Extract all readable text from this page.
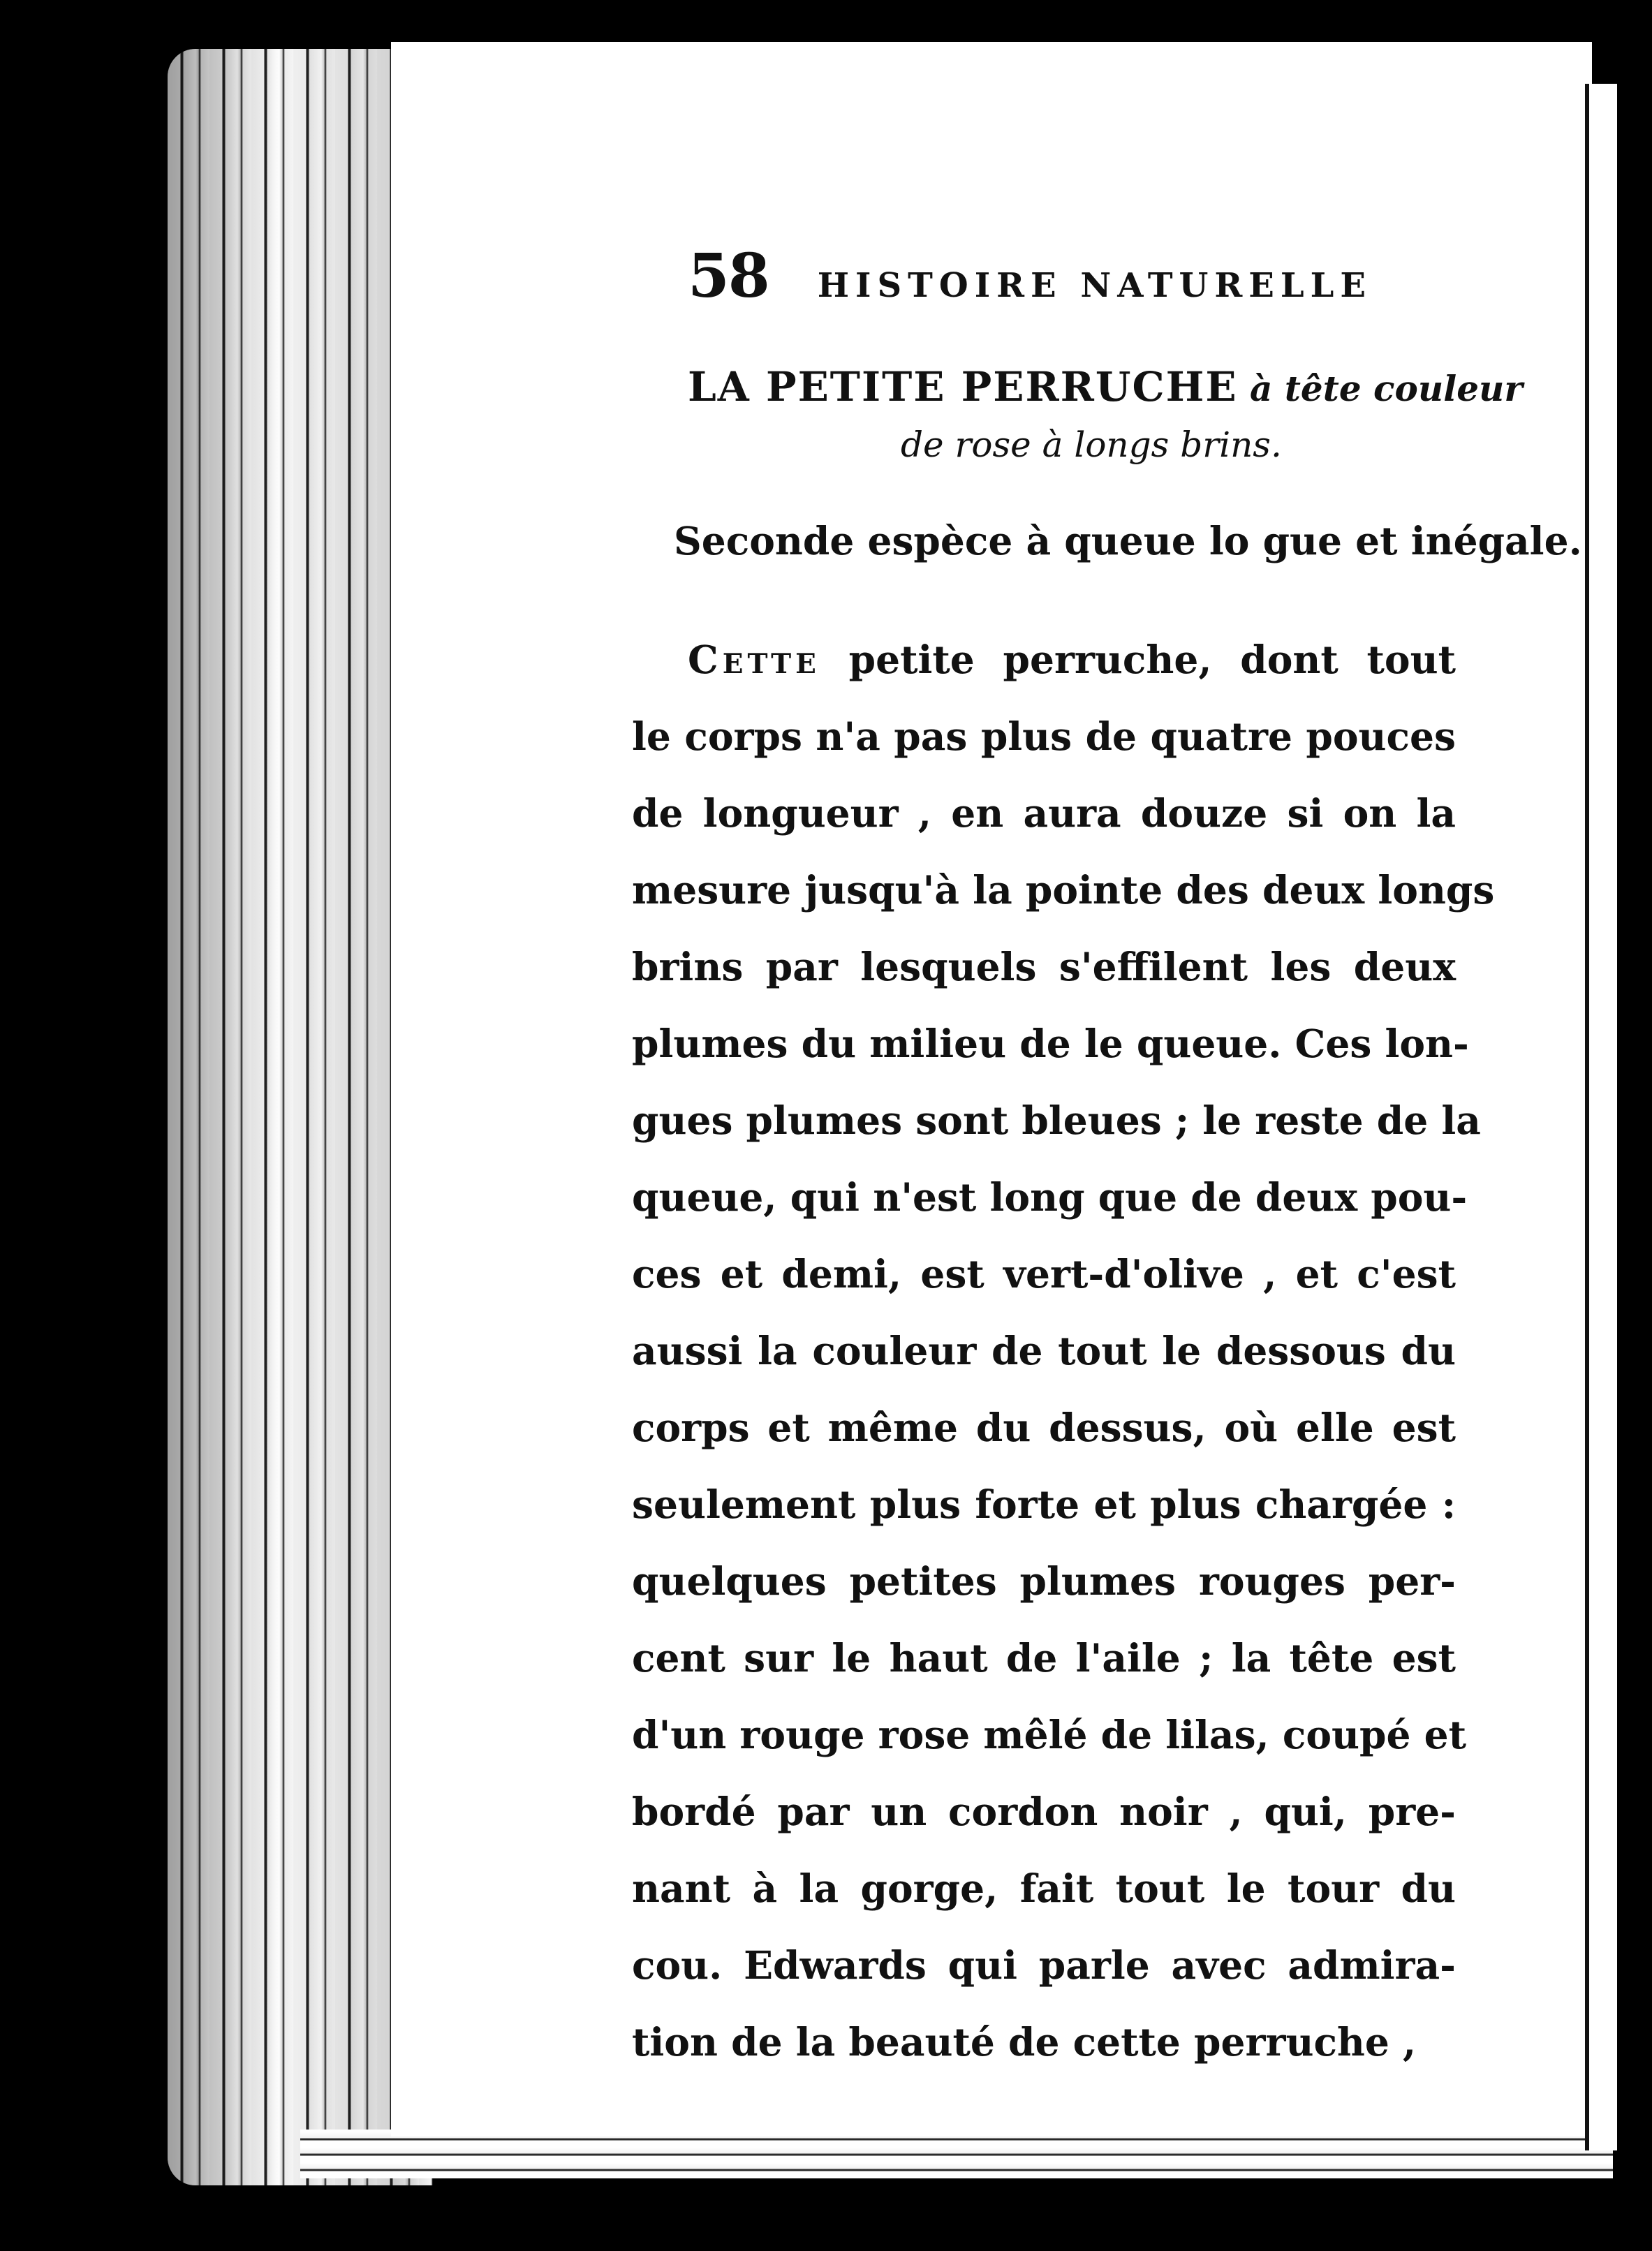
58 HISTOIRE NATURELLE
LA PETITE PERRUCHE à tête couleur
de rose à longs brins.
Seconde espèce à queue lo gue et inégale.
Cette petite perruche, dont tout
le corps n'a pas plus de quatre pouces
de longueur , en aura douze si on la
mesure jusqu'à la pointe des deux longs
brins par lesquels s'effilent les deux
plumes du milieu de le queue. Ces lon-
gues plumes sont bleues ; le reste de la
queue, qui n'est long que de deux pou-
ces et demi, est vert-d'olive , et c'est
aussi la couleur de tout le dessous du
corps et même du dessus, où elle est
seulement plus forte et plus chargée :
quelques petites plumes rouges per-
cent sur le haut de l'aile ; la tête est
d'un rouge rose mêlé de lilas, coupé et
bordé par un cordon noir , qui, pre-
nant à la gorge, fait tout le tour du
cou. Edwards qui parle avec admira-
tion de la beauté de cette perruche ,
